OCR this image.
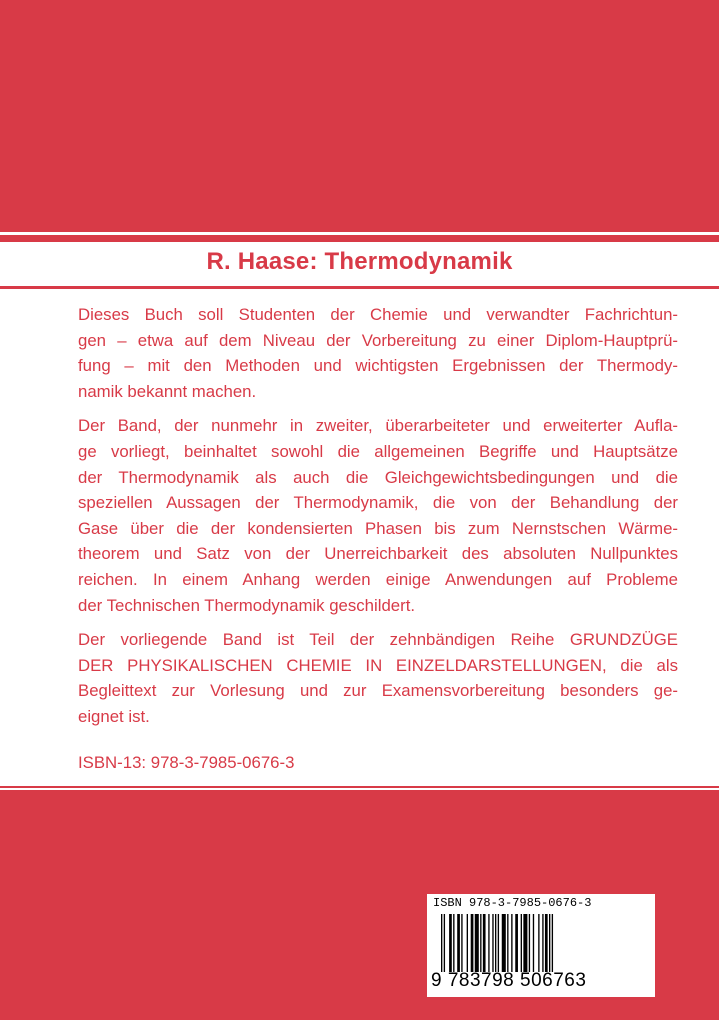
R. Haase: Thermodynamik

Dieses Buch soll Studenten der Chemie und verwandter Fachrichtun-

gen – etwa auf dem Niveau der Vorbereitung zu einer Diplom-Hauptprü-

fung – mit den Methoden und wichtigsten Ergebnissen der Thermody-

namik bekannt machen.

Der Band, der nunmehr in zweiter, überarbeiteter und erweiterter Aufla-

ge vorliegt, beinhaltet sowohl die allgemeinen Begriffe und Hauptsätze

der Thermodynamik als auch die Gleichgewichtsbedingungen und die

speziellen Aussagen der Thermodynamik, die von der Behandlung der

Gase über die der kondensierten Phasen bis zum Nernstschen Wärme-

theorem und Satz von der Unerreichbarkeit des absoluten Nullpunktes

reichen. In einem Anhang werden einige Anwendungen auf Probleme

der Technischen Thermodynamik geschildert.

Der vorliegende Band ist Teil der zehnbändigen Reihe GRUNDZÜGE

DER PHYSIKALISCHEN CHEMIE IN EINZELDARSTELLUNGEN, die als

Begleittext zur Vorlesung und zur Examensvorbereitung besonders ge-

eignet ist.

ISBN-13: 978-3-7985-0676-3
ISBN 978-3-7985-0676-3
9 783798 506763
